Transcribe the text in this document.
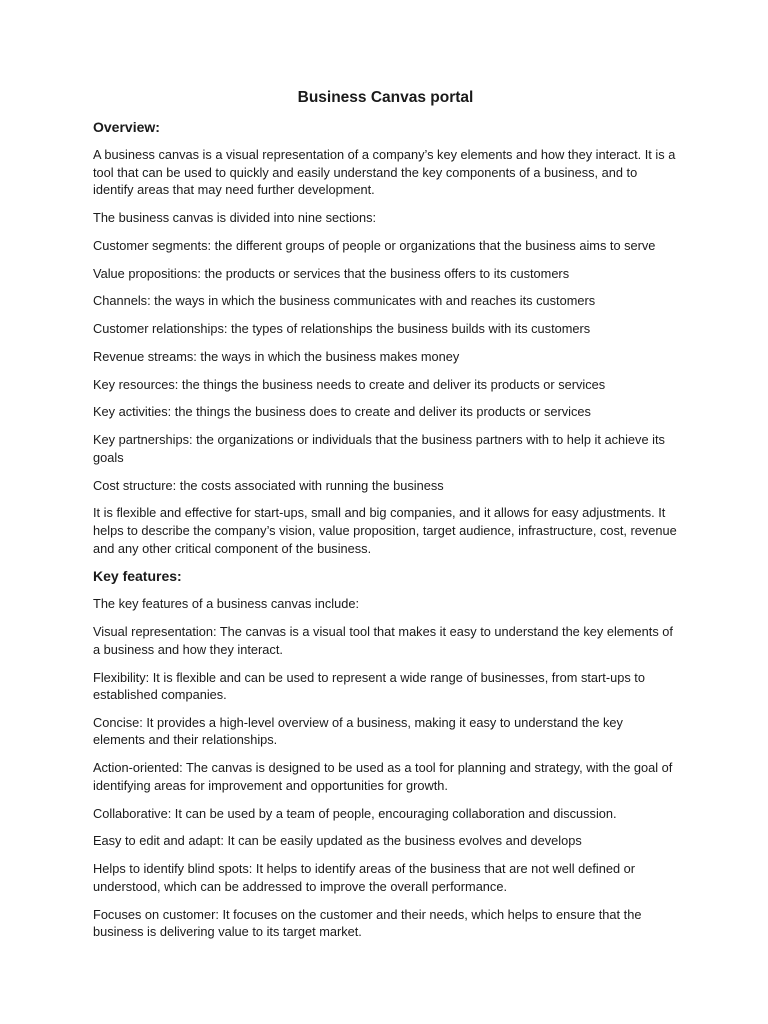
Business Canvas portal
Overview:

A business canvas is a visual representation of a company’s key elements and how they interact. It is a tool that can be used to quickly and easily understand the key components of a business, and to identify areas that may need further development.

The business canvas is divided into nine sections:

Customer segments: the different groups of people or organizations that the business aims to serve

Value propositions: the products or services that the business offers to its customers

Channels: the ways in which the business communicates with and reaches its customers

Customer relationships: the types of relationships the business builds with its customers

Revenue streams: the ways in which the business makes money

Key resources: the things the business needs to create and deliver its products or services

Key activities: the things the business does to create and deliver its products or services

Key partnerships: the organizations or individuals that the business partners with to help it achieve its goals

Cost structure: the costs associated with running the business

It is flexible and effective for start-ups, small and big companies, and it allows for easy adjustments. It helps to describe the company’s vision, value proposition, target audience, infrastructure, cost, revenue and any other critical component of the business.

Key features:

The key features of a business canvas include:

Visual representation: The canvas is a visual tool that makes it easy to understand the key elements of a business and how they interact.

Flexibility: It is flexible and can be used to represent a wide range of businesses, from start-ups to established companies.

Concise: It provides a high-level overview of a business, making it easy to understand the key elements and their relationships.

Action-oriented: The canvas is designed to be used as a tool for planning and strategy, with the goal of identifying areas for improvement and opportunities for growth.

Collaborative: It can be used by a team of people, encouraging collaboration and discussion.

Easy to edit and adapt: It can be easily updated as the business evolves and develops

Helps to identify blind spots: It helps to identify areas of the business that are not well defined or understood, which can be addressed to improve the overall performance.

Focuses on customer: It focuses on the customer and their needs, which helps to ensure that the business is delivering value to its target market.
